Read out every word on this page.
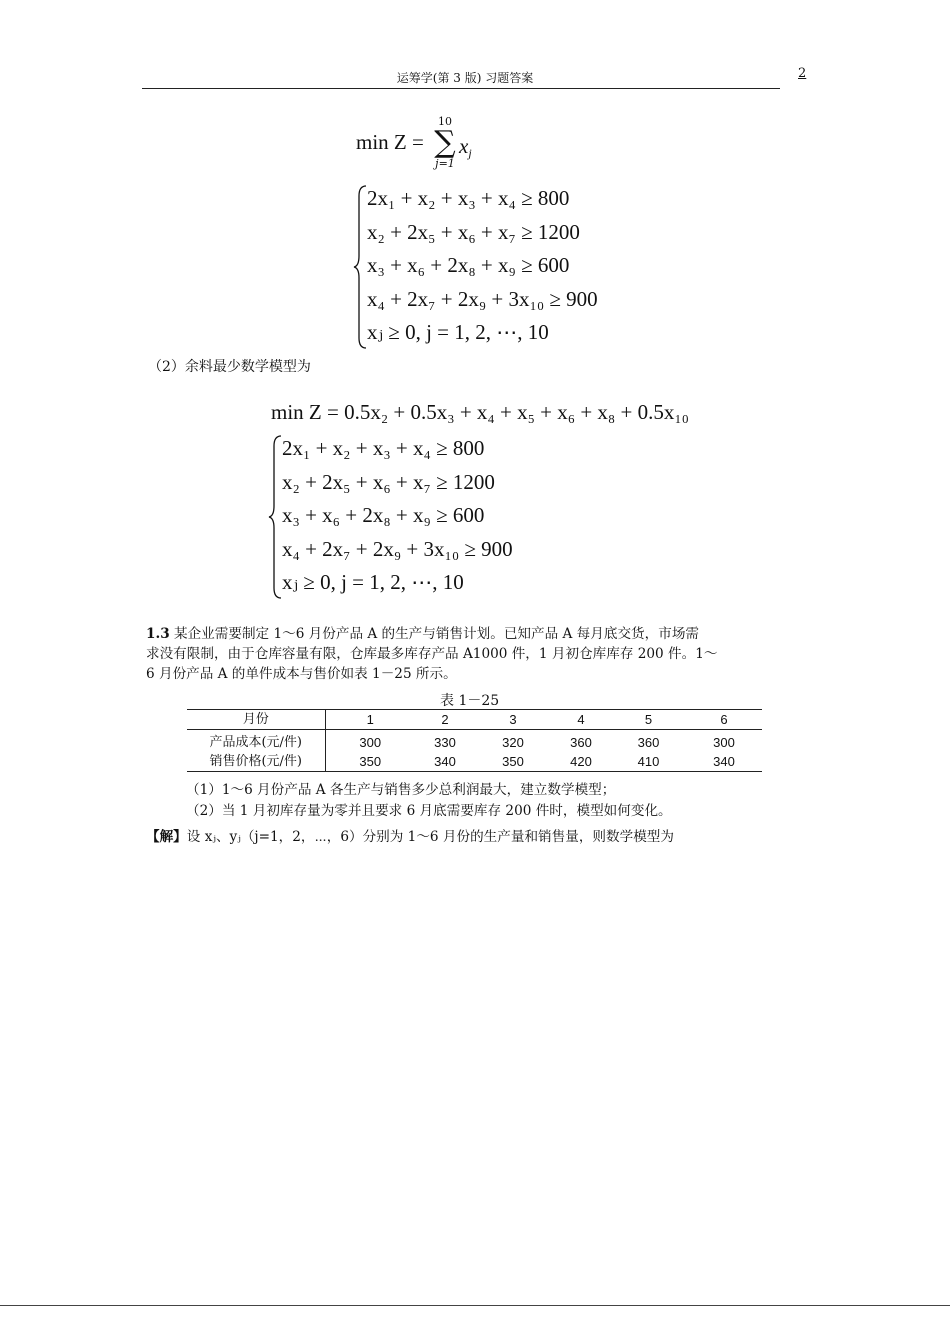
运筹学(第 3 版) 习题答案	2
min Z =
10
∑
j=1
$x_j$
2x₁ + x₂ + x₃ + x₄ ≥ 800
x₂ + 2x₅ + x₆ + x₇ ≥ 1200
x₃ + x₆ + 2x₈ + x₉ ≥ 600
x₄ + 2x₇ + 2x₉ + 3x₁₀ ≥ 900
xⱼ ≥ 0, j = 1, 2, ⋯, 10
（2）余料最少数学模型为
min Z = 0.5x₂ + 0.5x₃ + x₄ + x₅ + x₆ + x₈ + 0.5x₁₀
2x₁ + x₂ + x₃ + x₄ ≥ 800
x₂ + 2x₅ + x₆ + x₇ ≥ 1200
x₃ + x₆ + 2x₈ + x₉ ≥ 600
x₄ + 2x₇ + 2x₉ + 3x₁₀ ≥ 900
xⱼ ≥ 0, j = 1, 2, ⋯, 10
1.3 某企业需要制定 1～6 月份产品 A 的生产与销售计划。已知产品 A 每月底交货，市场需
求没有限制，由于仓库容量有限，仓库最多库存产品 A1000 件，1 月初仓库库存 200 件。1～
6 月份产品 A 的单件成本与售价如表 1－25 所示。
表 1－25
月份	1	2	3	4	5	6
产品成本(元/件)	300	330	320	360	360	300
销售价格(元/件)	350	340	350	420	410	340
（1）1～6 月份产品 A 各生产与销售多少总利润最大，建立数学模型；
（2）当 1 月初库存量为零并且要求 6 月底需要库存 200 件时，模型如何变化。
【解】设 xⱼ、yⱼ（j=1，2，⋯，6）分别为 1～6 月份的生产量和销售量，则数学模型为
